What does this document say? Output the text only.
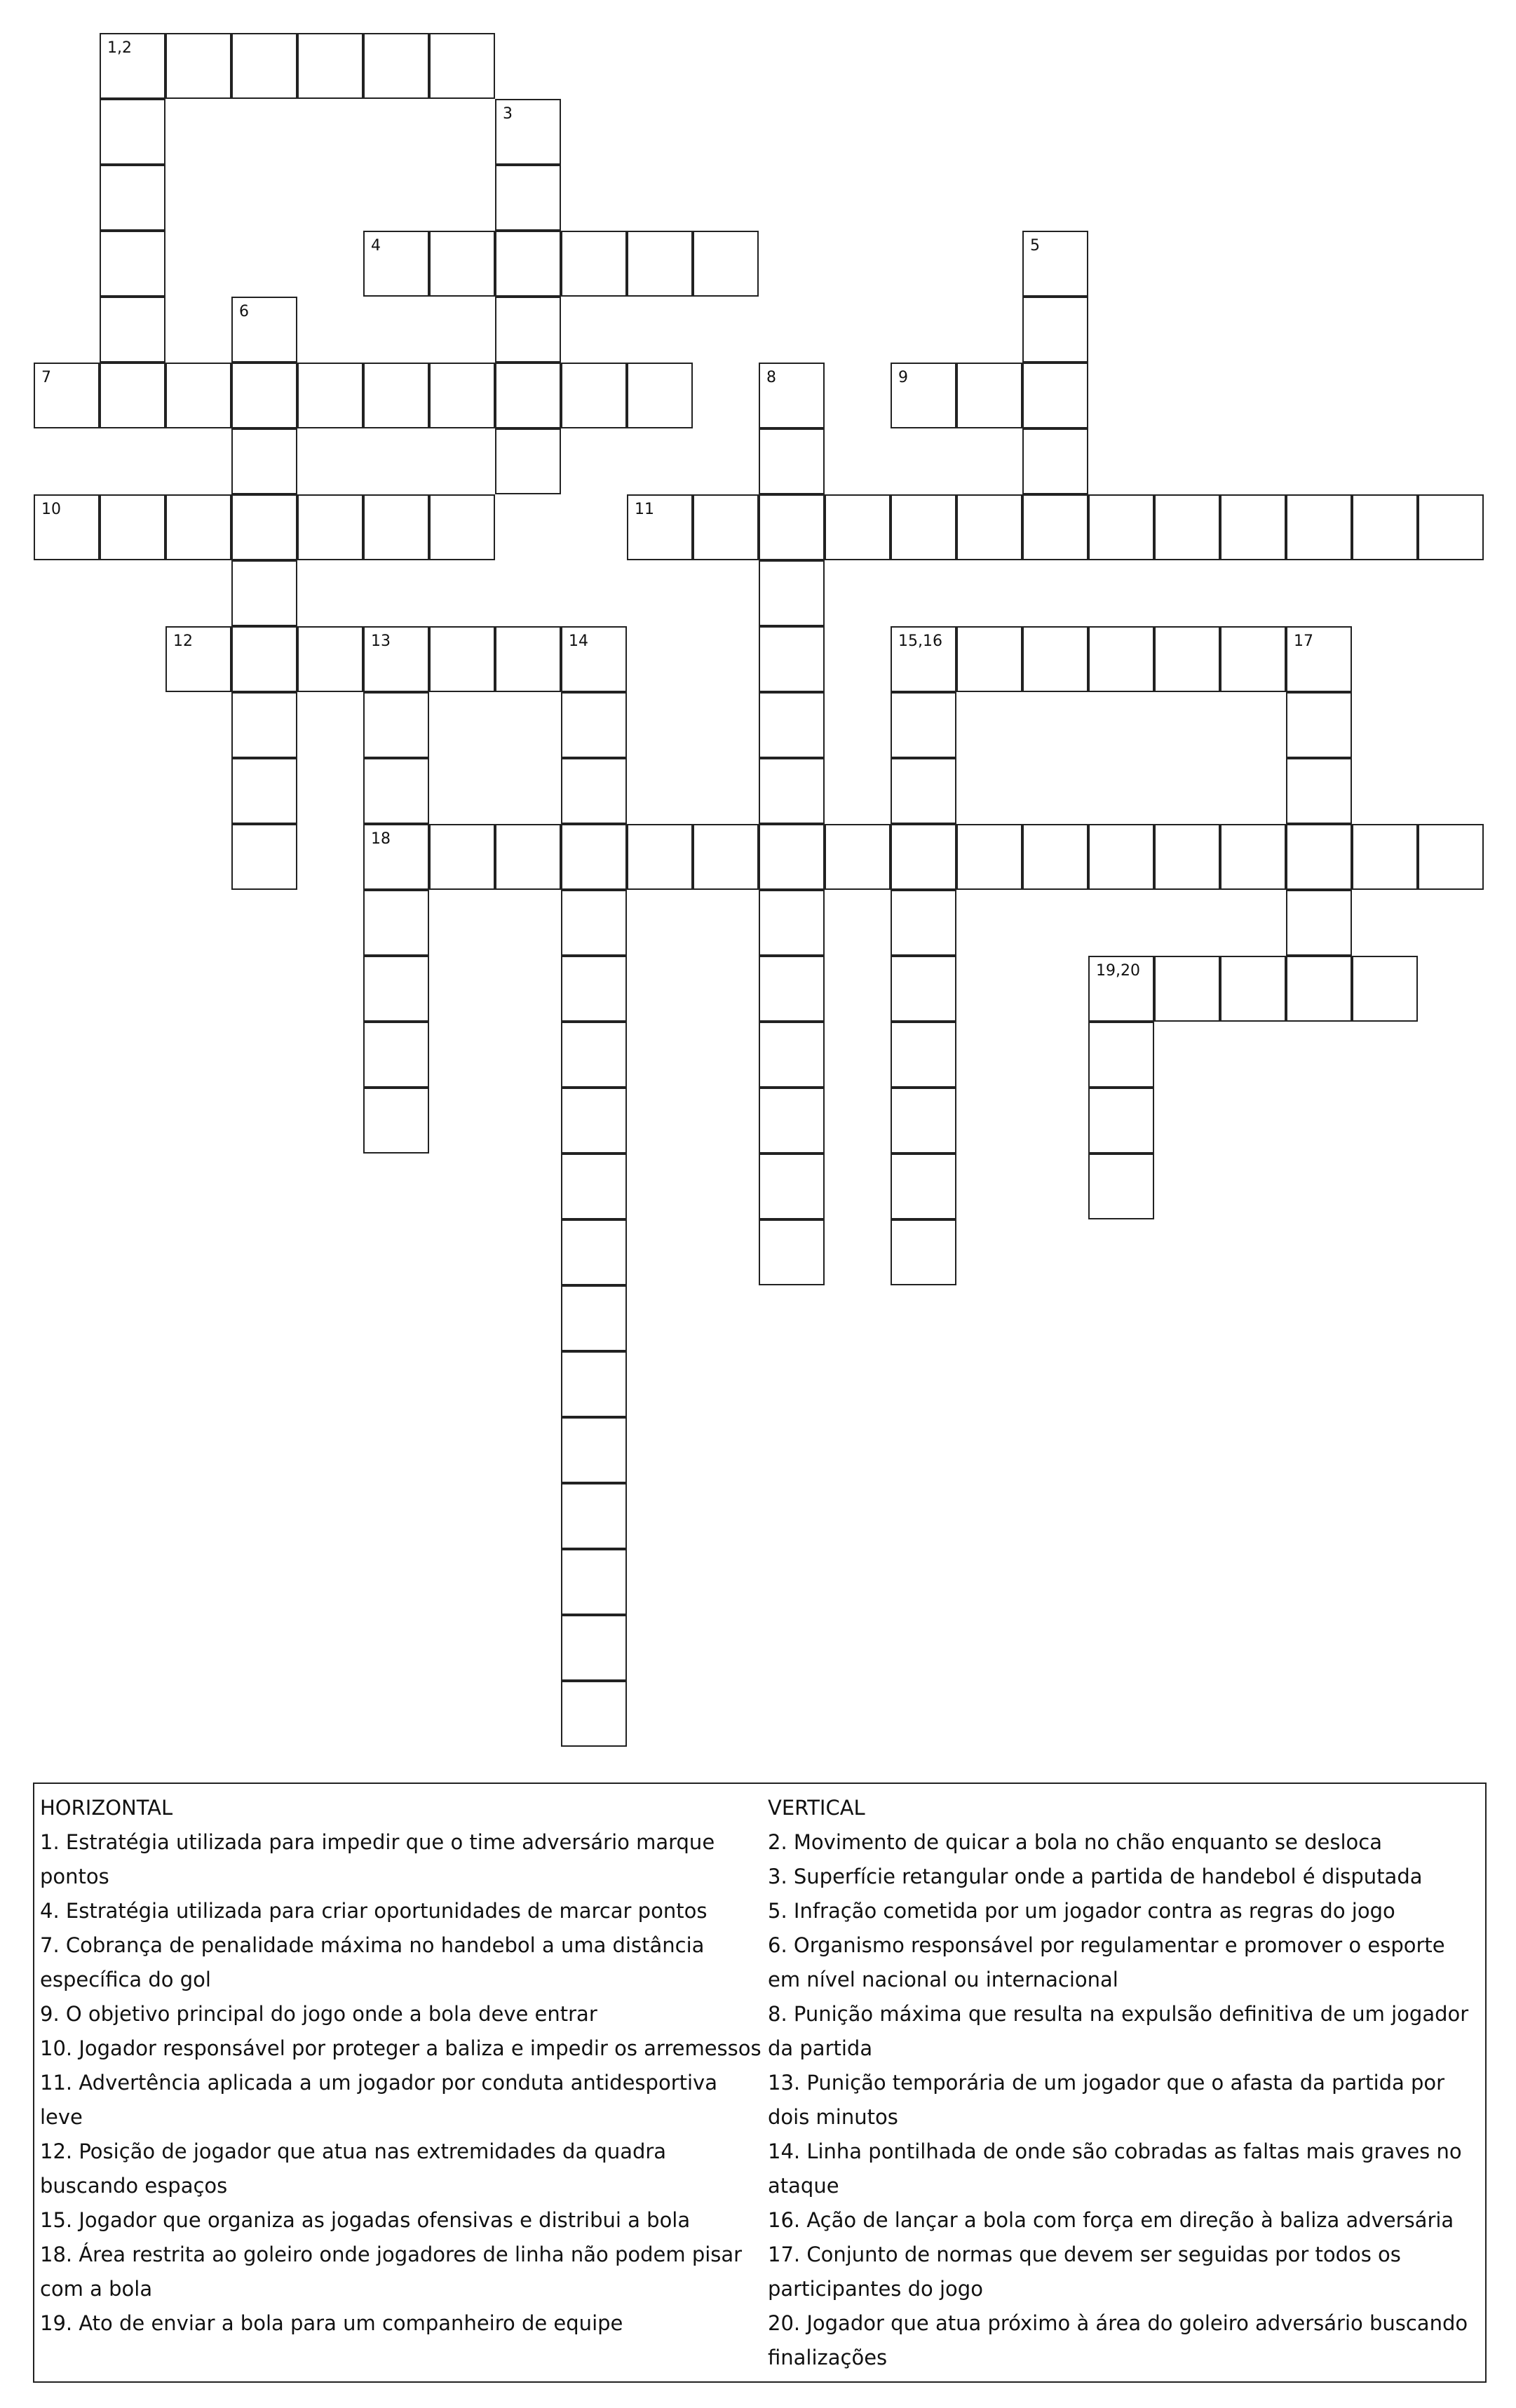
1,2
3
4	5
6
7	8	9
10	11
12	13	14	15,16	17
18
19,20
HORIZONTAL
1. Estratégia utilizada para impedir que o time adversário marque pontos
4. Estratégia utilizada para criar oportunidades de marcar pontos
7. Cobrança de penalidade máxima no handebol a uma distância específica do gol
9. O objetivo principal do jogo onde a bola deve entrar
10. Jogador responsável por proteger a baliza e impedir os arremessos
11. Advertência aplicada a um jogador por conduta antidesportiva leve
12. Posição de jogador que atua nas extremidades da quadra buscando espaços
15. Jogador que organiza as jogadas ofensivas e distribui a bola
18. Área restrita ao goleiro onde jogadores de linha não podem pisar com a bola
19. Ato de enviar a bola para um companheiro de equipe
VERTICAL
2. Movimento de quicar a bola no chão enquanto se desloca
3. Superfície retangular onde a partida de handebol é disputada
5. Infração cometida por um jogador contra as regras do jogo
6. Organismo responsável por regulamentar e promover o esporte em nível nacional ou internacional
8. Punição máxima que resulta na expulsão definitiva de um jogador da partida
13. Punição temporária de um jogador que o afasta da partida por dois minutos
14. Linha pontilhada de onde são cobradas as faltas mais graves no ataque
16. Ação de lançar a bola com força em direção à baliza adversária
17. Conjunto de normas que devem ser seguidas por todos os participantes do jogo
20. Jogador que atua próximo à área do goleiro adversário buscando finalizações
